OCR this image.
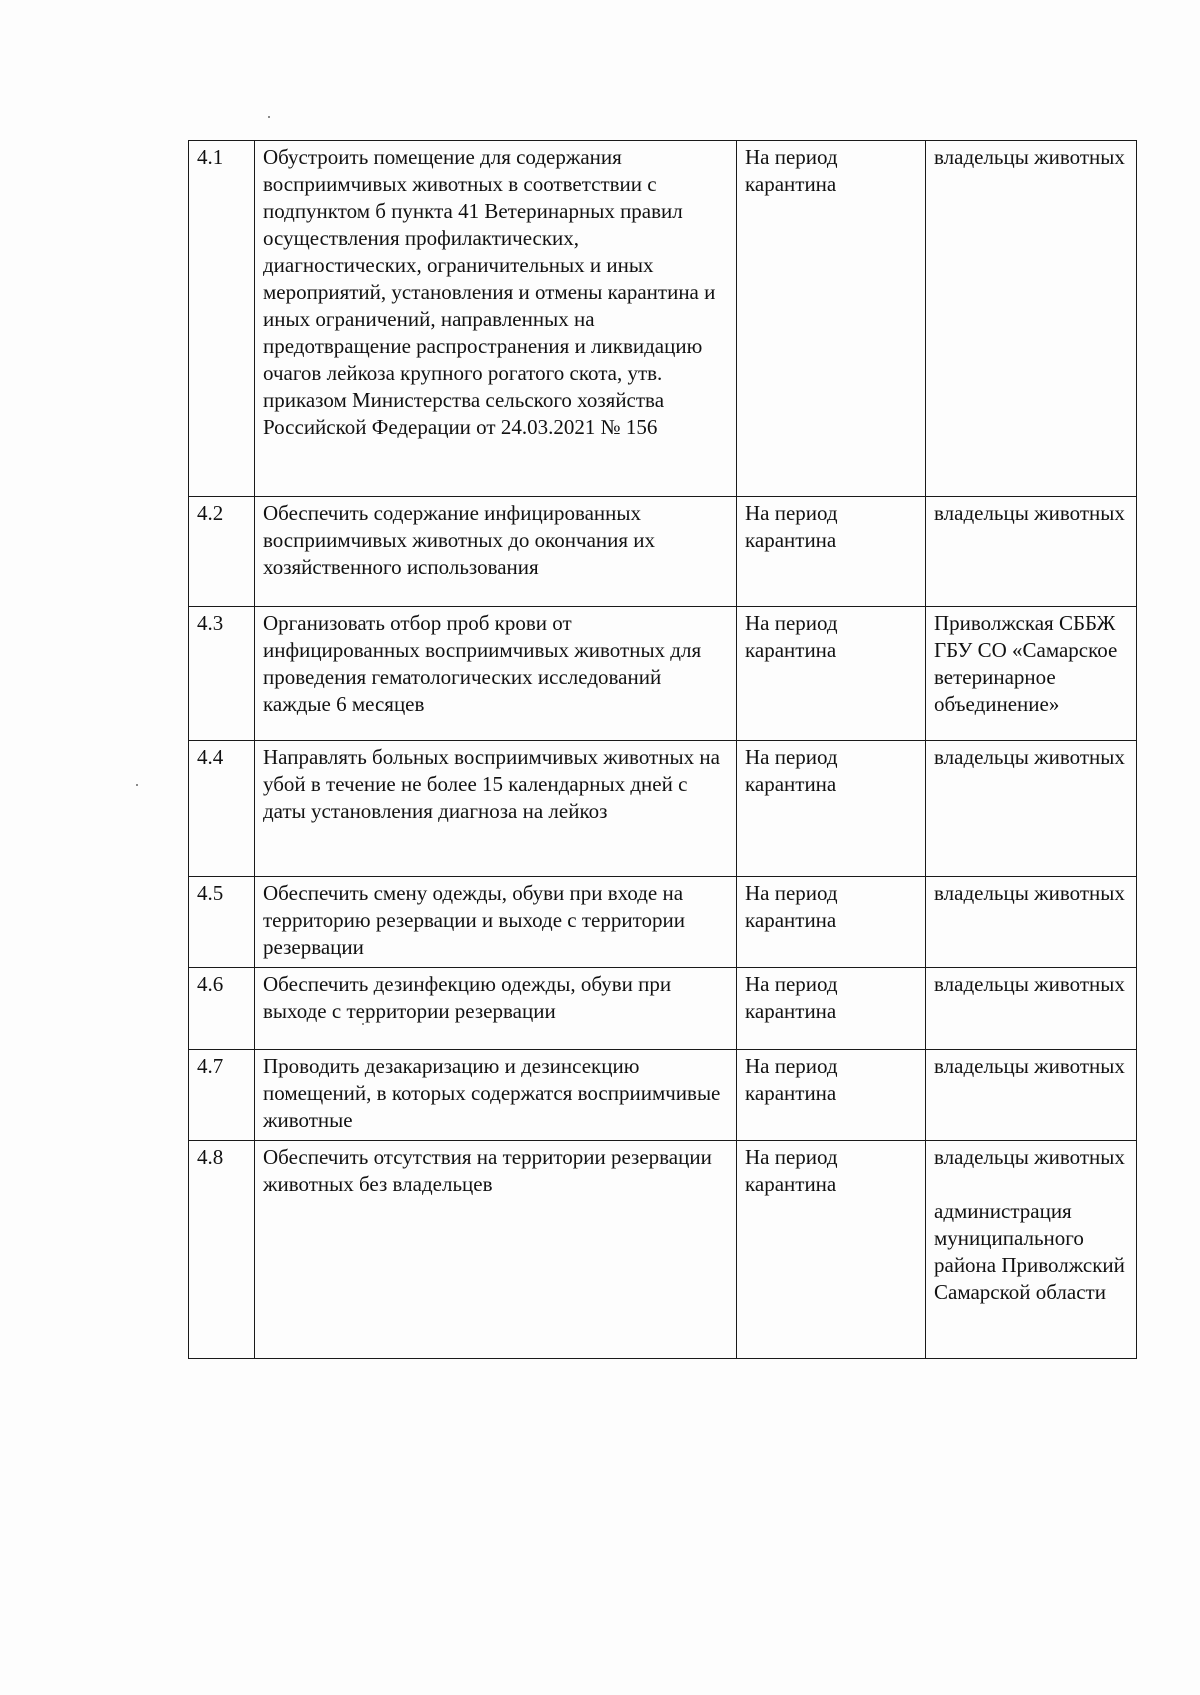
4.1	Обустроить помещение для содержания восприимчивых животных в соответствии с подпунктом б пункта 41 Ветеринарных правил осуществления профилактических, диагностических, ограничительных и иных мероприятий, установления и отмены карантина и иных ограничений, направленных на предотвращение распространения и ликвидацию очагов лейкоза крупного рогатого скота, утв. приказом Министерства сельского хозяйства Российской Федерации от 24.03.2021 № 156	На период карантина	владельцы животных

4.2	Обеспечить содержание инфицированных восприимчивых животных до окончания их хозяйственного использования	На период карантина	владельцы животных

4.3	Организовать отбор проб крови от инфицированных восприимчивых животных для проведения гематологических исследований каждые 6 месяцев	На период карантина	Приволжская СББЖ ГБУ СО «Самарское ветеринарное объединение»

4.4	Направлять больных восприимчивых животных на убой в течение не более 15 календарных дней с даты установления диагноза на лейкоз	На период карантина	владельцы животных

4.5	Обеспечить смену одежды, обуви при входе на территорию резервации и выходе с территории резервации	На период карантина	владельцы животных

4.6	Обеспечить дезинфекцию одежды, обуви при выходе с территории резервации	На период карантина	владельцы животных

4.7	Проводить дезакаризацию и дезинсекцию помещений, в которых содержатся восприимчивые животные	На период карантина	владельцы животных

4.8	Обеспечить отсутствия на территории резервации животных без владельцев	На период карантина	владельцы животных
администрация муниципального района Приволжский Самарской области
